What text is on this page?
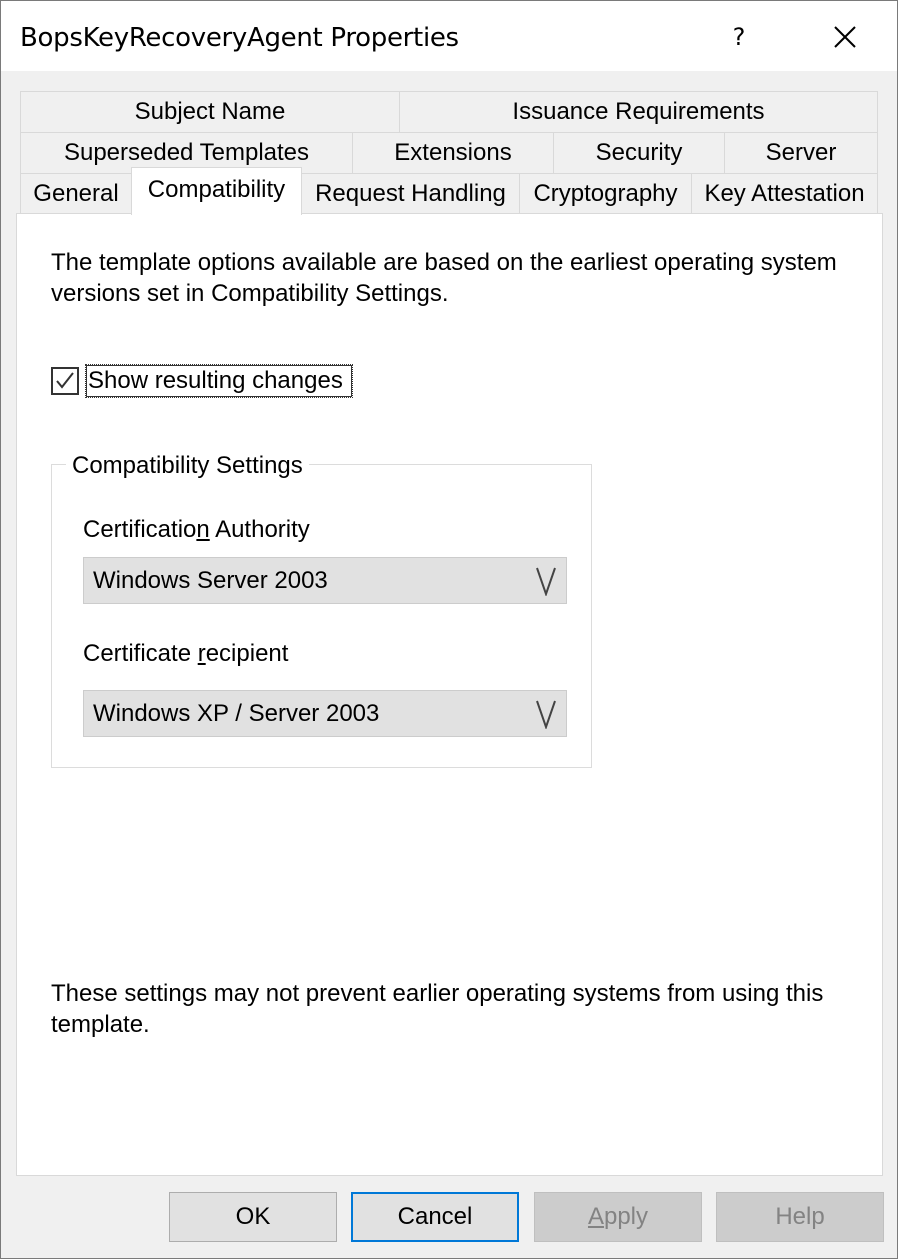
BopsKeyRecoveryAgent Properties	?
Subject Name	Issuance Requirements
Superseded Templates	Extensions	Security	Server
General	Compatibility	Request Handling	Cryptography	Key Attestation
The template options available are based on the earliest operating system
versions set in Compatibility Settings.
Show resulting changes
Compatibility Settings
Certification Authority
Windows Server 2003
Certificate recipient
Windows XP / Server 2003
These settings may not prevent earlier operating systems from using this
template.
OK	Cancel	Apply	Help
